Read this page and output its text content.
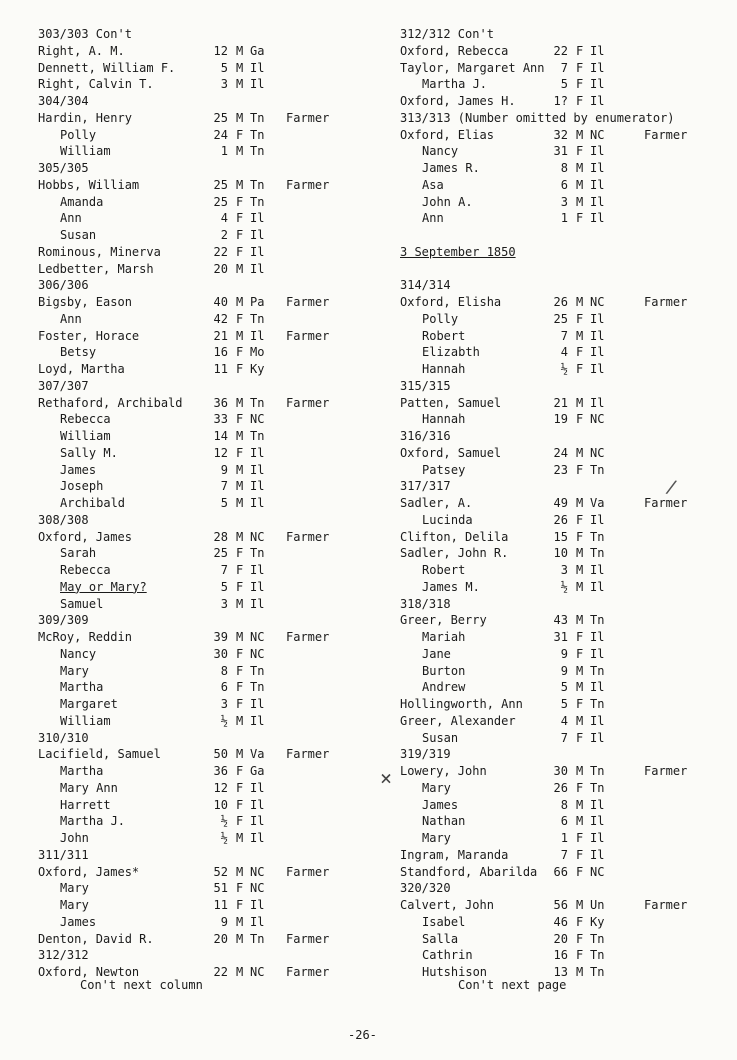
303/303 Con't
Right, A. M.	12 M Ga
Dennett, William F.	5 M Il
Right, Calvin T.	3 M Il
304/304
Hardin, Henry	25 M Tn Farmer
Polly	24 F Tn
William	1 M Tn
305/305
Hobbs, William	25 M Tn Farmer
Amanda	25 F Tn
Ann	4 F Il
Susan	2 F Il
Rominous, Minerva	22 F Il
Ledbetter, Marsh	20 M Il
306/306
Bigsby, Eason	40 M Pa Farmer
Ann	42 F Tn
Foster, Horace	21 M Il Farmer
Betsy	16 F Mo
Loyd, Martha	11 F Ky
307/307
Rethaford, Archibald	36 M Tn Farmer
Rebecca	33 F NC
William	14 M Tn
Sally M.	12 F Il
James	9 M Il
Joseph	7 M Il
Archibald	5 M Il
308/308
Oxford, James	28 M NC Farmer
Sarah	25 F Tn
Rebecca	7 F Il
May or Mary?	5 F Il
Samuel	3 M Il
309/309
McRoy, Reddin	39 M NC Farmer
Nancy	30 F NC
Mary	8 F Tn
Martha	6 F Tn
Margaret	3 F Il
William	½ M Il
310/310
Lacifield, Samuel	50 M Va Farmer
Martha	36 F Ga
Mary Ann	12 F Il
Harrett	10 F Il
Martha J.	½ F Il
John	½ M Il
311/311
Oxford, James*	52 M NC Farmer
Mary	51 F NC
Mary	11 F Il
James	9 M Il
Denton, David R.	20 M Tn Farmer
312/312
Oxford, Newton	22 M NC Farmer
312/312 Con't
Oxford, Rebecca	22 F Il
Taylor, Margaret Ann	7 F Il
Martha J.	5 F Il
Oxford, James H.	1? F Il
313/313 (Number omitted by enumerator)
Oxford, Elias	32 M NC	Farmer
Nancy	31 F Il
James R.	8 M Il
Asa	6 M Il
John A.	3 M Il
Ann	1 F Il
3 September 1850
314/314
Oxford, Elisha	26 M NC	Farmer
Polly	25 F Il
Robert	7 M Il
Elizabth	4 F Il
Hannah	½ F Il
315/315
Patten, Samuel	21 M Il
Hannah	19 F NC
316/316
Oxford, Samuel	24 M NC
Patsey	23 F Tn
317/317
Sadler, A.	49 M Va	Farmer
Lucinda	26 F Il
Clifton, Delila	15 F Tn
Sadler, John R.	10 M Tn
Robert	3 M Il
James M.	½ M Il
318/318
Greer, Berry	43 M Tn
Mariah	31 F Il
Jane	9 F Il
Burton	9 M Tn
Andrew	5 M Il
Hollingworth, Ann	5 F Tn
Greer, Alexander	4 M Il
Susan	7 F Il
319/319
Lowery, John	30 M Tn	Farmer
Mary	26 F Tn
James	8 M Il
Nathan	6 M Il
Mary	1 F Il
Ingram, Maranda	7 F Il
Standford, Abarilda	66 F NC
320/320
Calvert, John	56 M Un	Farmer
Isabel	46 F Ky
Salla	20 F Tn
Cathrin	16 F Tn
Hutshison	13 M Tn
Con't next column	Con't next page
-26-
×
/
